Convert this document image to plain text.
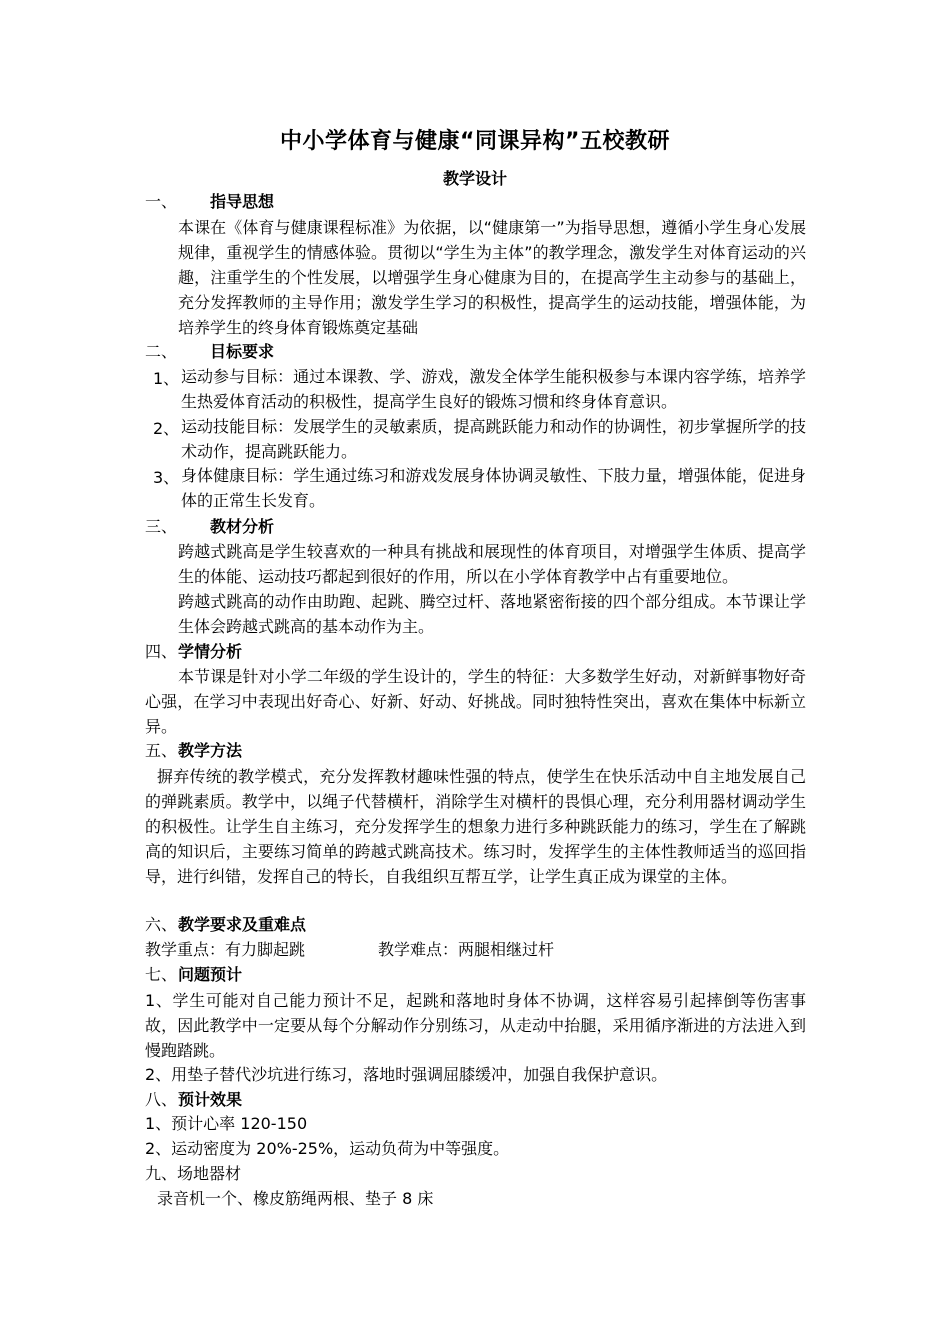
中小学体育与健康“同课异构”五校教研
教学设计
一、 指导思想
本课在《体育与健康课程标准》为依据，以“健康第一”为指导思想，遵循小学生身心发展规律，重视学生的情感体验。贯彻以“学生为主体”的教学理念，激发学生对体育运动的兴趣，注重学生的个性发展，以增强学生身心健康为目的，在提高学生主动参与的基础上，充分发挥教师的主导作用；激发学生学习的积极性，提高学生的运动技能，增强体能，为培养学生的终身体育锻炼奠定基础
二、 目标要求
1、 运动参与目标：通过本课教、学、游戏，激发全体学生能积极参与本课内容学练，培养学生热爱体育活动的积极性，提高学生良好的锻炼习惯和终身体育意识。
2、 运动技能目标：发展学生的灵敏素质，提高跳跃能力和动作的协调性，初步掌握所学的技术动作，提高跳跃能力。
3、 身体健康目标：学生通过练习和游戏发展身体协调灵敏性、下肢力量，增强体能，促进身体的正常生长发育。
三、 教材分析
跨越式跳高是学生较喜欢的一种具有挑战和展现性的体育项目，对增强学生体质、提高学生的体能、运动技巧都起到很好的作用，所以在小学体育教学中占有重要地位。
跨越式跳高的动作由助跑、起跳、腾空过杆、落地紧密衔接的四个部分组成。本节课让学生体会跨越式跳高的基本动作为主。
四、 学情分析
本节课是针对小学二年级的学生设计的，学生的特征：大多数学生好动，对新鲜事物好奇心强，在学习中表现出好奇心、好新、好动、好挑战。同时独特性突出，喜欢在集体中标新立异。
五、 教学方法
摒弃传统的教学模式，充分发挥教材趣味性强的特点，使学生在快乐活动中自主地发展自己的弹跳素质。教学中，以绳子代替横杆，消除学生对横杆的畏惧心理，充分利用器材调动学生的积极性。让学生自主练习，充分发挥学生的想象力进行多种跳跃能力的练习，学生在了解跳高的知识后，主要练习简单的跨越式跳高技术。练习时，发挥学生的主体性教师适当的巡回指导，进行纠错，发挥自己的特长，自我组织互帮互学，让学生真正成为课堂的主体。
六、 教学要求及重难点
教学重点：有力脚起跳	教学难点：两腿相继过杆
七、 问题预计
1、学生可能对自己能力预计不足，起跳和落地时身体不协调，这样容易引起摔倒等伤害事故，因此教学中一定要从每个分解动作分别练习，从走动中抬腿，采用循序渐进的方法进入到慢跑踏跳。
2、用垫子替代沙坑进行练习，落地时强调屈膝缓冲，加强自我保护意识。
八、 预计效果
1、预计心率 120-150
2、运动密度为 20%-25%，运动负荷为中等强度。
九、场地器材
录音机一个、橡皮筋绳两根、垫子 8 床
